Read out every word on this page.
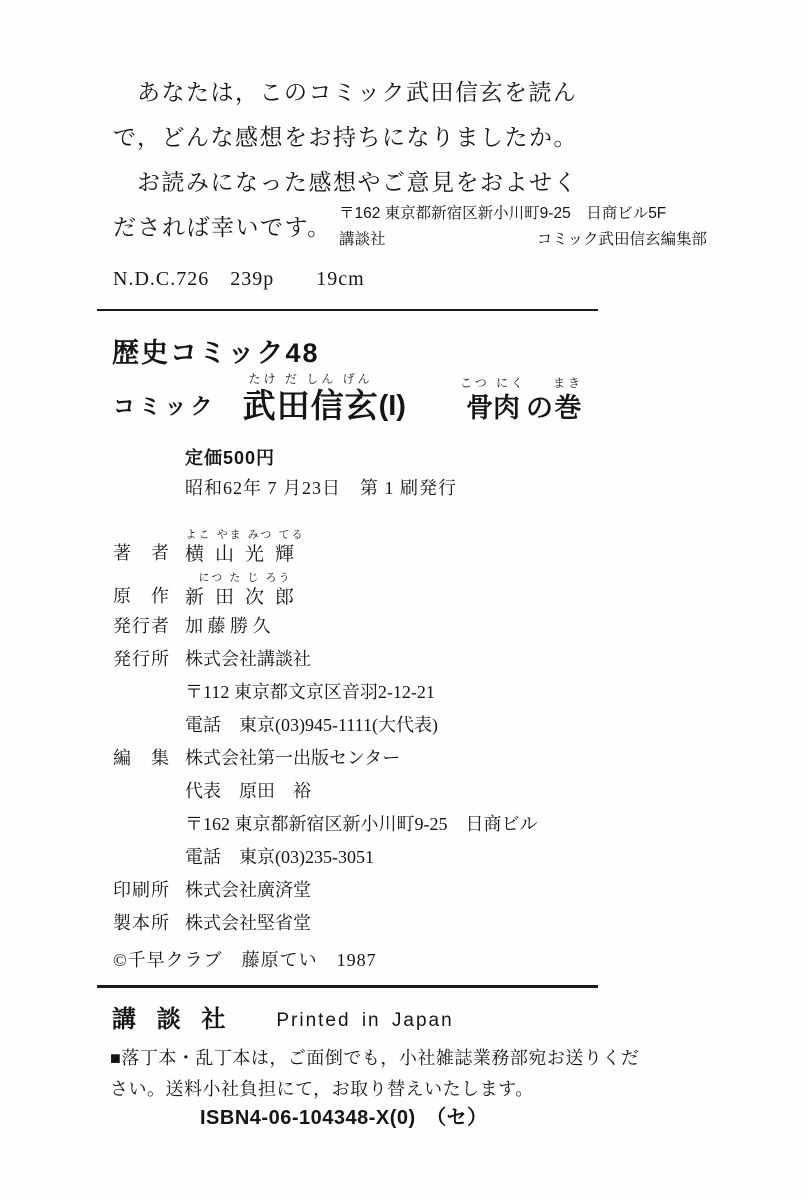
あなたは，このコミック武田信玄を読ん
で，どんな感想をお持ちになりましたか。
お読みになった感想やご意見をおよせく
だされば幸いです。
〒162 東京都新宿区新小川町9-25　日商ビル5F
講談社	コミック武田信玄編集部
N.D.C.726　239p　　19cm
歴史コミック48
コミック
たけ だ しん げん
武田信玄 (I)
こつ にく
骨肉 の
まき
巻
定価500円
昭和62年 7 月23日　第 1 刷発行
著　者
よこ やま みつ てる
横山光輝
原　作
につ た じ ろう
新田次郎
発行者 加 藤 勝 久
発行所 株式会社講談社
〒112 東京都文京区音羽2-12-21
電話　東京(03)945-1111(大代表)
編　集 株式会社第一出版センター
代表　原田　裕
〒162 東京都新宿区新小川町9-25　日商ビル
電話　東京(03)235-3051
印刷所 株式会社廣済堂
製本所 株式会社堅省堂
©千早クラブ　藤原てい　1987
講 談 社 Printed in Japan
■落丁本・乱丁本は，ご面倒でも，小社雑誌業務部宛お送りくだ
さい。送料小社負担にて，お取り替えいたします。
ISBN4-06-104348-X(0)　（セ）
